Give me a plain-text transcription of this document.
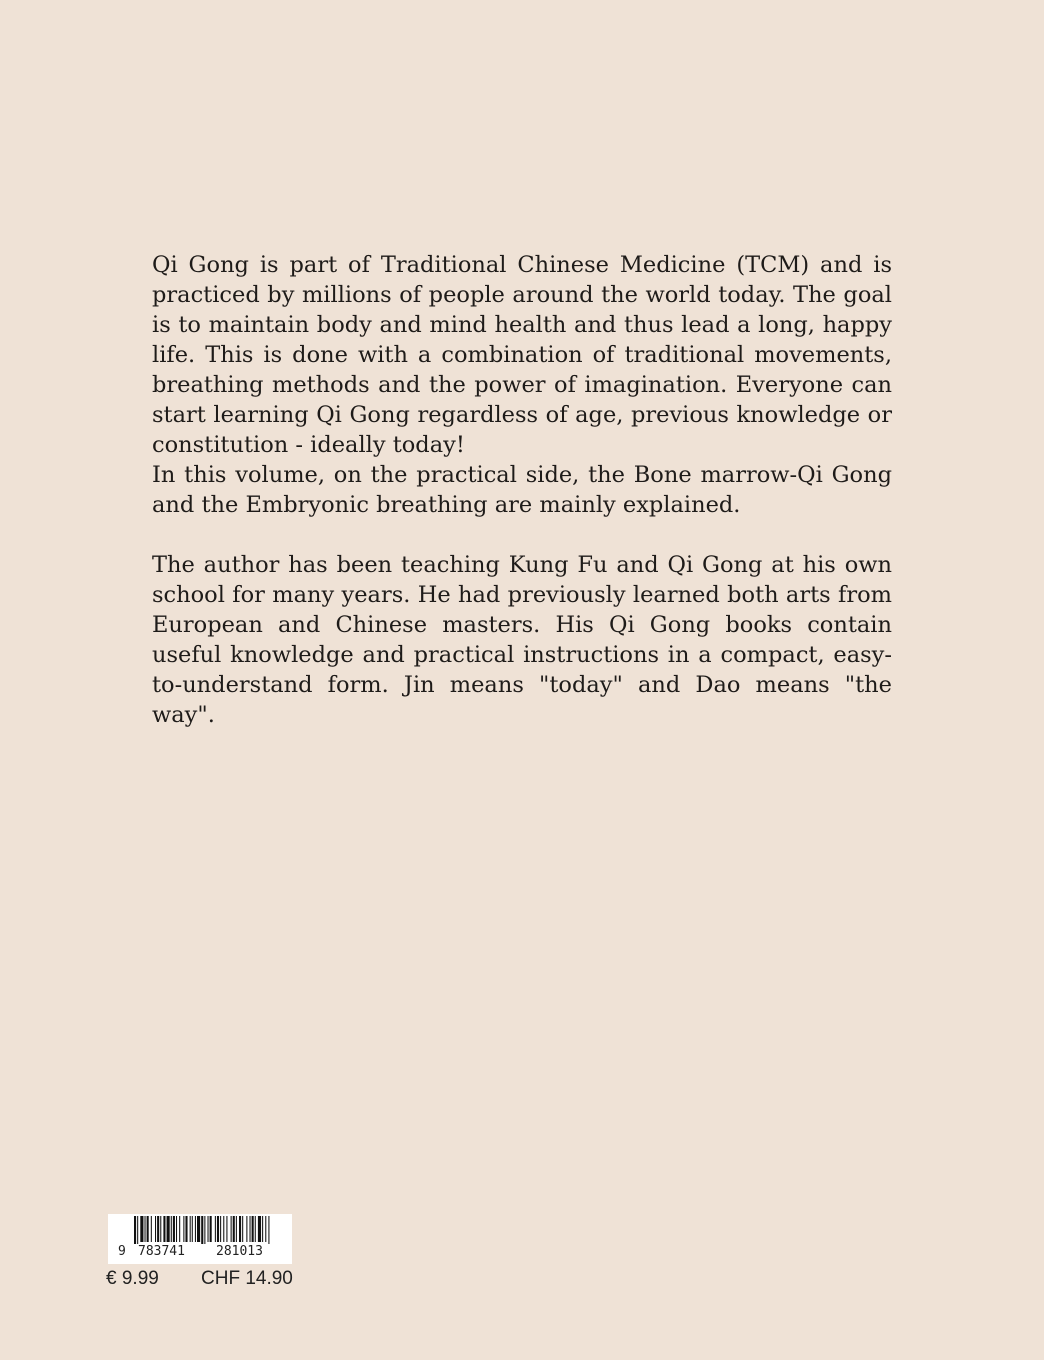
Qi Gong is part of Traditional Chinese Medicine (TCM) and is practiced by millions of people around the world today. The goal is to maintain body and mind health and thus lead a long, happy life. This is done with a combination of traditional movements, breathing methods and the power of imagination. Everyone can start learning Qi Gong regardless of age, previous knowledge or constitution - ideally today!

In this volume, on the practical side, the Bone marrow-Qi Gong and the Embryonic breathing are mainly explained.

The author has been teaching Kung Fu and Qi Gong at his own school for many years. He had previously learned both arts from European and Chinese masters. His Qi Gong books contain useful knowledge and practical instructions in a compact, easy-to-understand form. Jin means "today" and Dao means "the way".

9 783741 281013
€ 9.99 CHF 14.90
